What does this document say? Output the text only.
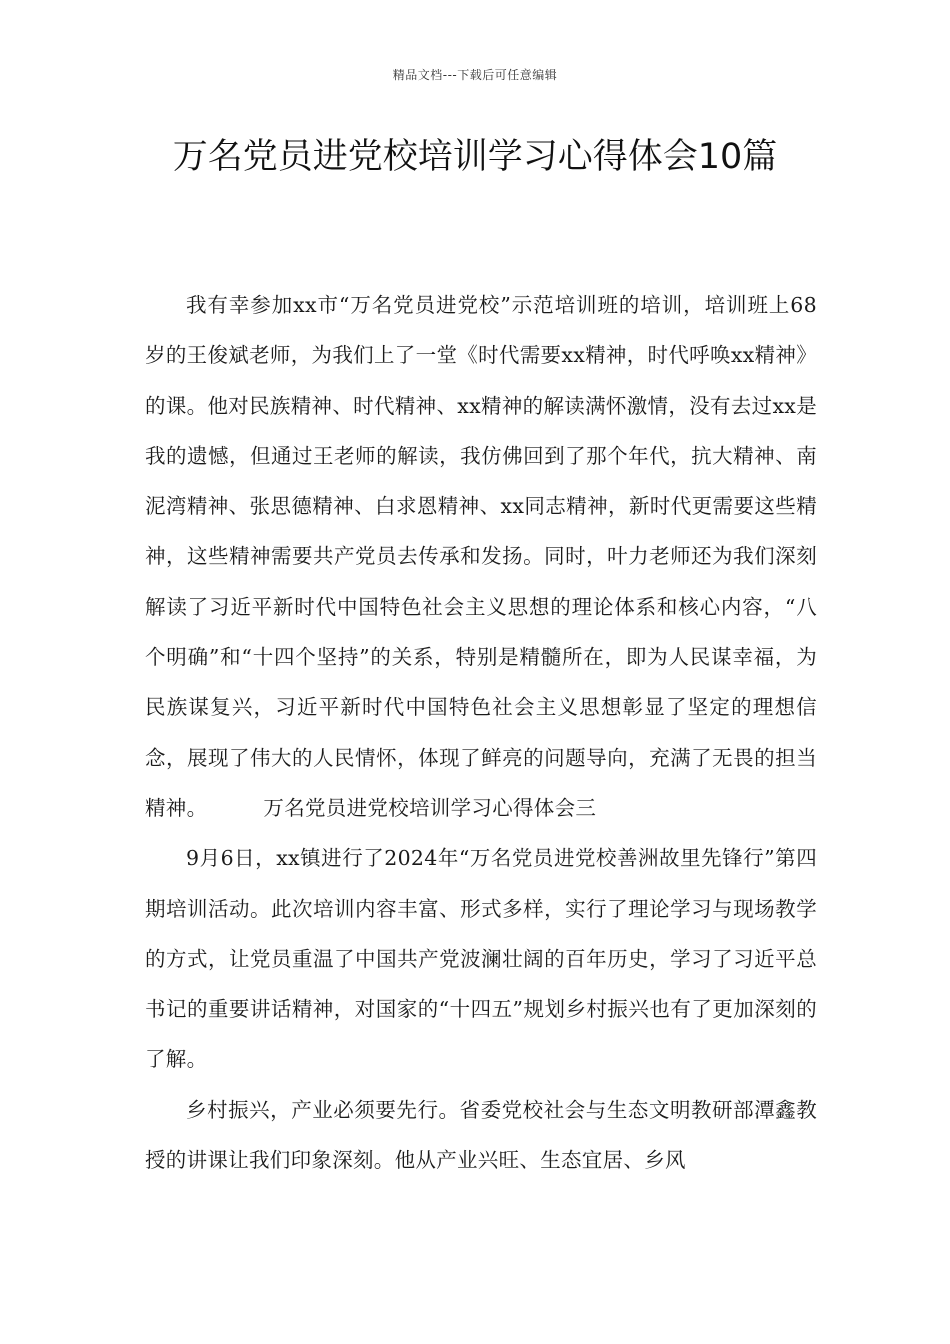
精品文档---下载后可任意编辑
万名党员进党校培训学习心得体会10篇

我有幸参加xx市“万名党员进党校”示范培训班的培训，培训班上68岁的王俊斌老师，为我们上了一堂《时代需要xx精神，时代呼唤xx精神》的课。他对民族精神、时代精神、xx精神的解读满怀激情，没有去过xx是我的遗憾，但通过王老师的解读，我仿佛回到了那个年代，抗大精神、南泥湾精神、张思德精神、白求恩精神、xx同志精神，新时代更需要这些精神，这些精神需要共产党员去传承和发扬。同时，叶力老师还为我们深刻解读了习近平新时代中国特色社会主义思想的理论体系和核心内容，“八个明确”和“十四个坚持”的关系，特别是精髓所在，即为人民谋幸福，为民族谋复兴，习近平新时代中国特色社会主义思想彰显了坚定的理想信念，展现了伟大的人民情怀，体现了鲜亮的问题导向，充满了无畏的担当精神。	万名党员进党校培训学习心得体会三

9月6日，xx镇进行了2024年“万名党员进党校善洲故里先锋行”第四期培训活动。此次培训内容丰富、形式多样，实行了理论学习与现场教学的方式，让党员重温了中国共产党波澜壮阔的百年历史，学习了习近平总书记的重要讲话精神，对国家的“十四五”规划乡村振兴也有了更加深刻的了解。

乡村振兴，产业必须要先行。省委党校社会与生态文明教研部潭鑫教授的讲课让我们印象深刻。他从产业兴旺、生态宜居、乡风
